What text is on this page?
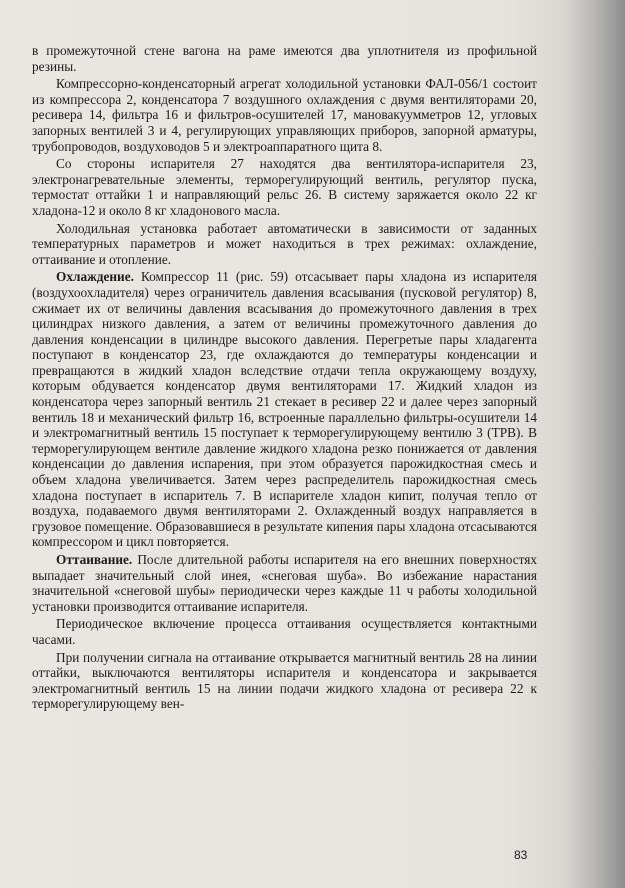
в промежуточной стене вагона на раме имеются два уплотнителя из профильной резины.

Компрессорно-конденсаторный агрегат холодильной установки ФАЛ-056/1 состоит из компрессора 2, конденсатора 7 воздушного охлаждения с двумя вентиляторами 20, ресивера 14, фильтра 16 и фильтров-осушителей 17, мановакуумметров 12, угловых запорных вентилей 3 и 4, регулирующих управляющих приборов, запорной арматуры, трубопроводов, воздуховодов 5 и электроаппаратного щита 8.

Со стороны испарителя 27 находятся два вентилятора-испарителя 23, электронагревательные элементы, терморегулирующий вентиль, регулятор пуска, термостат оттайки 1 и направляющий рельс 26. В систему заряжается около 22 кг хладона-12 и около 8 кг хладонового масла.

Холодильная установка работает автоматически в зависимости от заданных температурных параметров и может находиться в трех режимах: охлаждение, оттаивание и отопление.

Охлаждение. Компрессор 11 (рис. 59) отсасывает пары хладона из испарителя (воздухоохладителя) через ограничитель давления всасывания (пусковой регулятор) 8, сжимает их от величины давления всасывания до промежуточного давления в трех цилиндрах низкого давления, а затем от величины промежуточного давления до давления конденсации в цилиндре высокого давления. Перегретые пары хладагента поступают в конденсатор 23, где охлаждаются до температуры конденсации и превращаются в жидкий хладон вследствие отдачи тепла окружающему воздуху, которым обдувается конденсатор двумя вентиляторами 17. Жидкий хладон из конденсатора через запорный вентиль 21 стекает в ресивер 22 и далее через запорный вентиль 18 и механический фильтр 16, встроенные параллельно фильтры-осушители 14 и электромагнитный вентиль 15 поступает к терморегулирующему вентилю 3 (ТРВ). В терморегулирующем вентиле давление жидкого хладона резко понижается от давления конденсации до давления испарения, при этом образуется парожидкостная смесь и объем хладона увеличивается. Затем через распределитель парожидкостная смесь хладона поступает в испаритель 7. В испарителе хладон кипит, получая тепло от воздуха, подаваемого двумя вентиляторами 2. Охлажденный воздух направляется в грузовое помещение. Образовавшиеся в результате кипения пары хладона отсасываются компрессором и цикл повторяется.

Оттаивание. После длительной работы испарителя на его внешних поверхностях выпадает значительный слой инея, «снеговая шуба». Во избежание нарастания значительной «снеговой шубы» периодически через каждые 11 ч работы холодильной установки производится оттаивание испарителя.

Периодическое включение процесса оттаивания осуществляется контактными часами.

При получении сигнала на оттаивание открывается магнитный вентиль 28 на линии оттайки, выключаются вентиляторы испарителя и конденсатора и закрывается электромагнитный вентиль 15 на линии подачи жидкого хладона от ресивера 22 к терморегулирующему вен-

83
